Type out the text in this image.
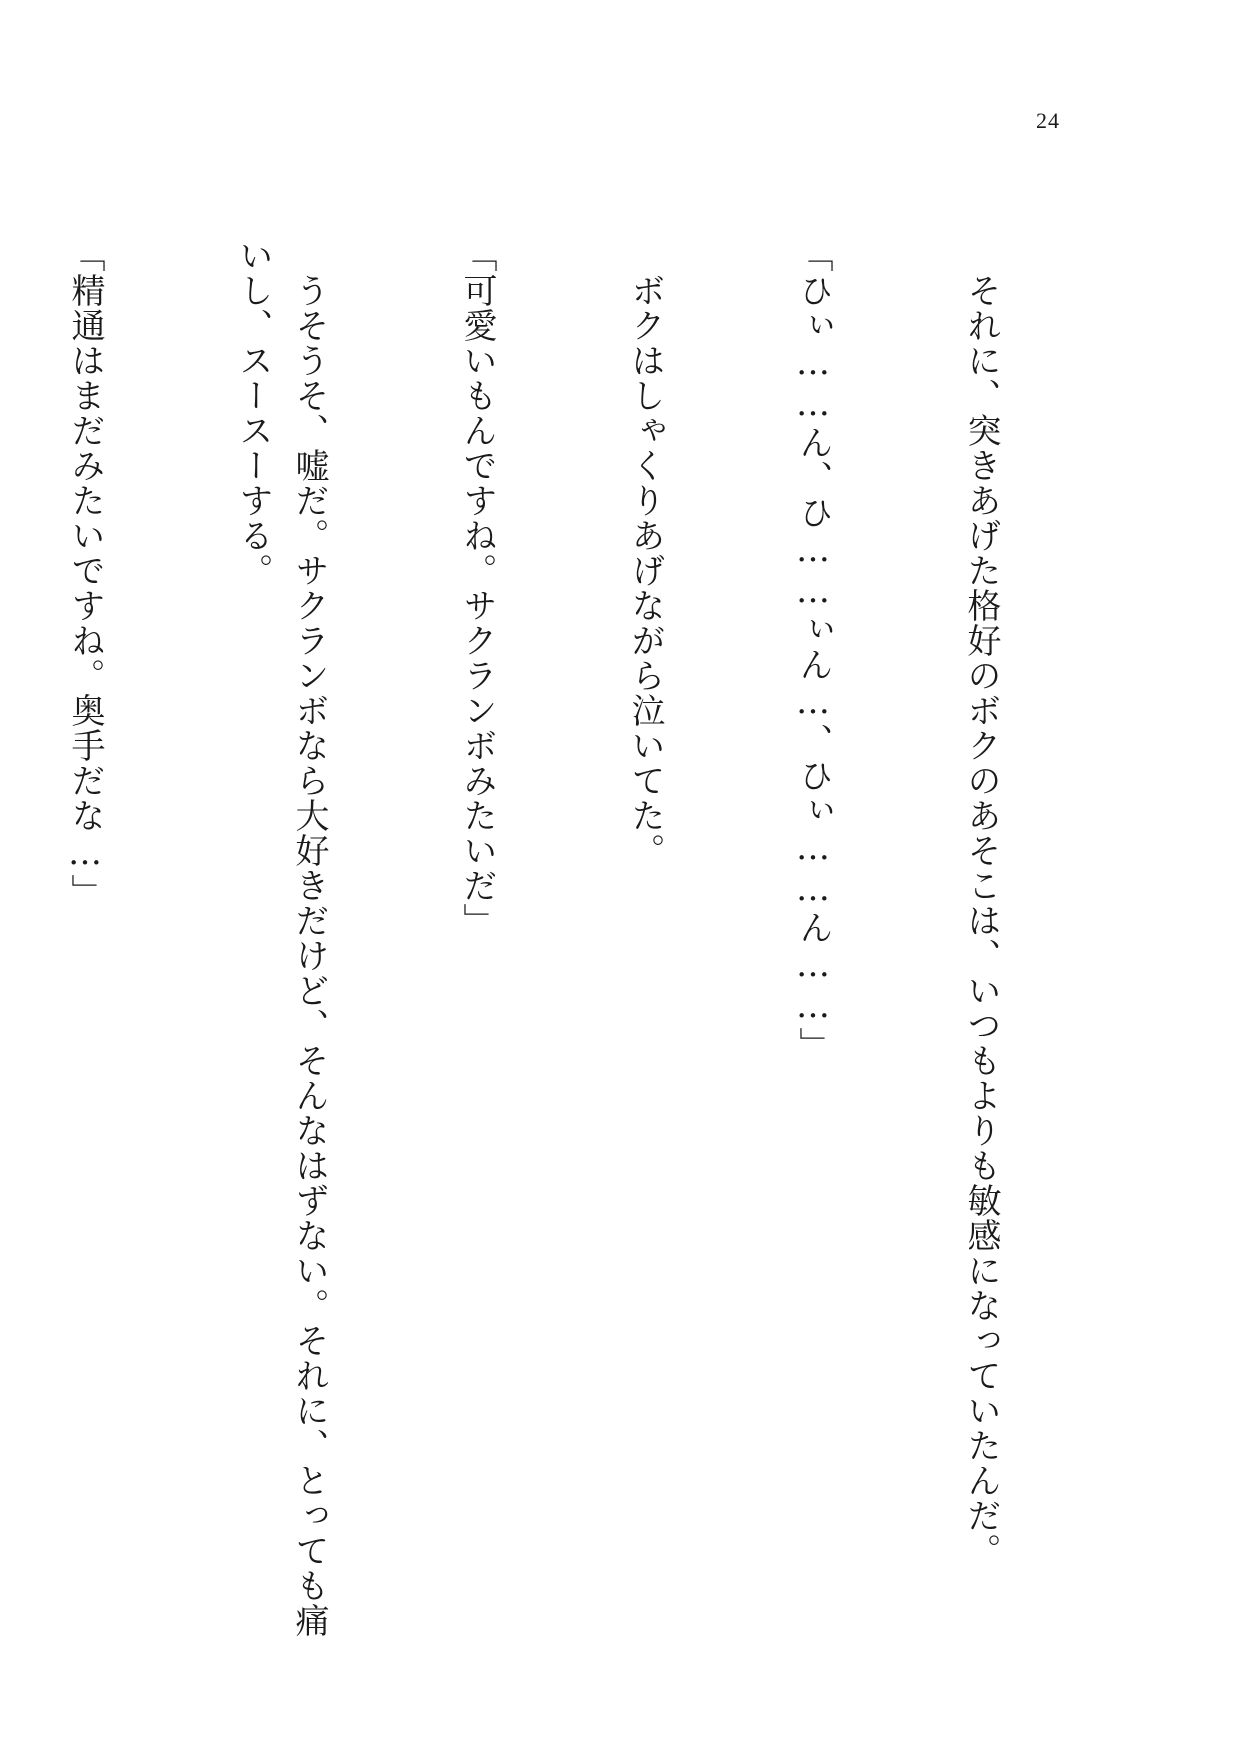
24

　それに、突きあげた格好のボクのあそこは、いつもよりも敏感になっていたんだ。

「ひぃ……ん、ひ……ぃん…、ひぃ……ん……」

　ボクはしゃくりあげながら泣いてた。

「可愛いもんですね。サクランボみたいだ」

　うそうそ、嘘だ。サクランボなら大好きだけど、そんなはずない。それに、とっても痛いし、スースーする。

「精通はまだみたいですね。奥手だな…」
